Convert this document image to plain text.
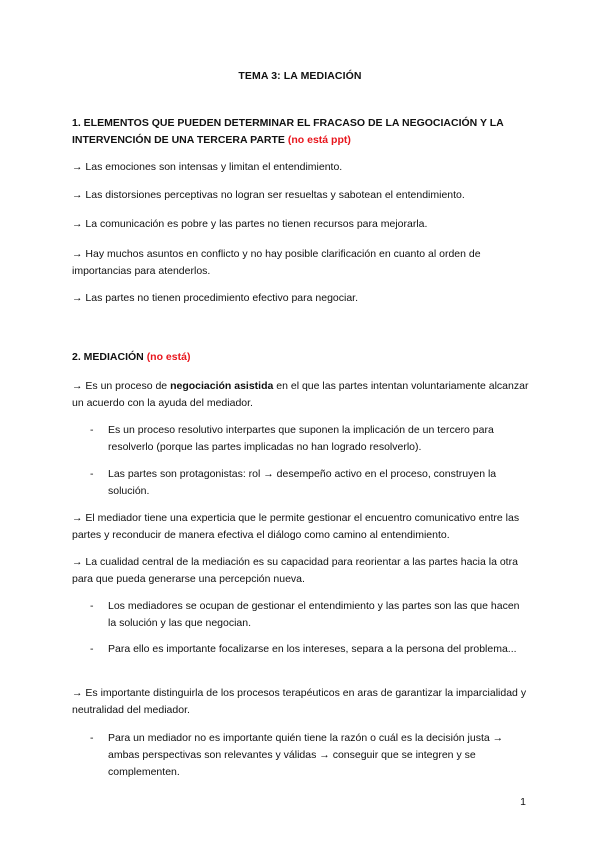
TEMA 3: LA MEDIACIÓN
1. ELEMENTOS QUE PUEDEN DETERMINAR EL FRACASO DE LA NEGOCIACIÓN Y LA INTERVENCIÓN DE UNA TERCERA PARTE (no está ppt)
→ Las emociones son intensas y limitan el entendimiento.
→ Las distorsiones perceptivas no logran ser resueltas y sabotean el entendimiento.
→ La comunicación es pobre y las partes no tienen recursos para mejorarla.
→ Hay muchos asuntos en conflicto y no hay posible clarificación en cuanto al orden de importancias para atenderlos.
→ Las partes no tienen procedimiento efectivo para negociar.
2. MEDIACIÓN (no está)
→ Es un proceso de negociación asistida en el que las partes intentan voluntariamente alcanzar un acuerdo con la ayuda del mediador.
- Es un proceso resolutivo interpartes que suponen la implicación de un tercero para resolverlo (porque las partes implicadas no han logrado resolverlo).
- Las partes son protagonistas: rol → desempeño activo en el proceso, construyen la solución.
→ El mediador tiene una experticia que le permite gestionar el encuentro comunicativo entre las partes y reconducir de manera efectiva el diálogo como camino al entendimiento.
→ La cualidad central de la mediación es su capacidad para reorientar a las partes hacia la otra para que pueda generarse una percepción nueva.
- Los mediadores se ocupan de gestionar el entendimiento y las partes son las que hacen la solución y las que negocian.
- Para ello es importante focalizarse en los intereses, separa a la persona del problema...
→ Es importante distinguirla de los procesos terapéuticos en aras de garantizar la imparcialidad y neutralidad del mediador.
- Para un mediador no es importante quién tiene la razón o cuál es la decisión justa → ambas perspectivas son relevantes y válidas → conseguir que se integren y se complementen.
1
